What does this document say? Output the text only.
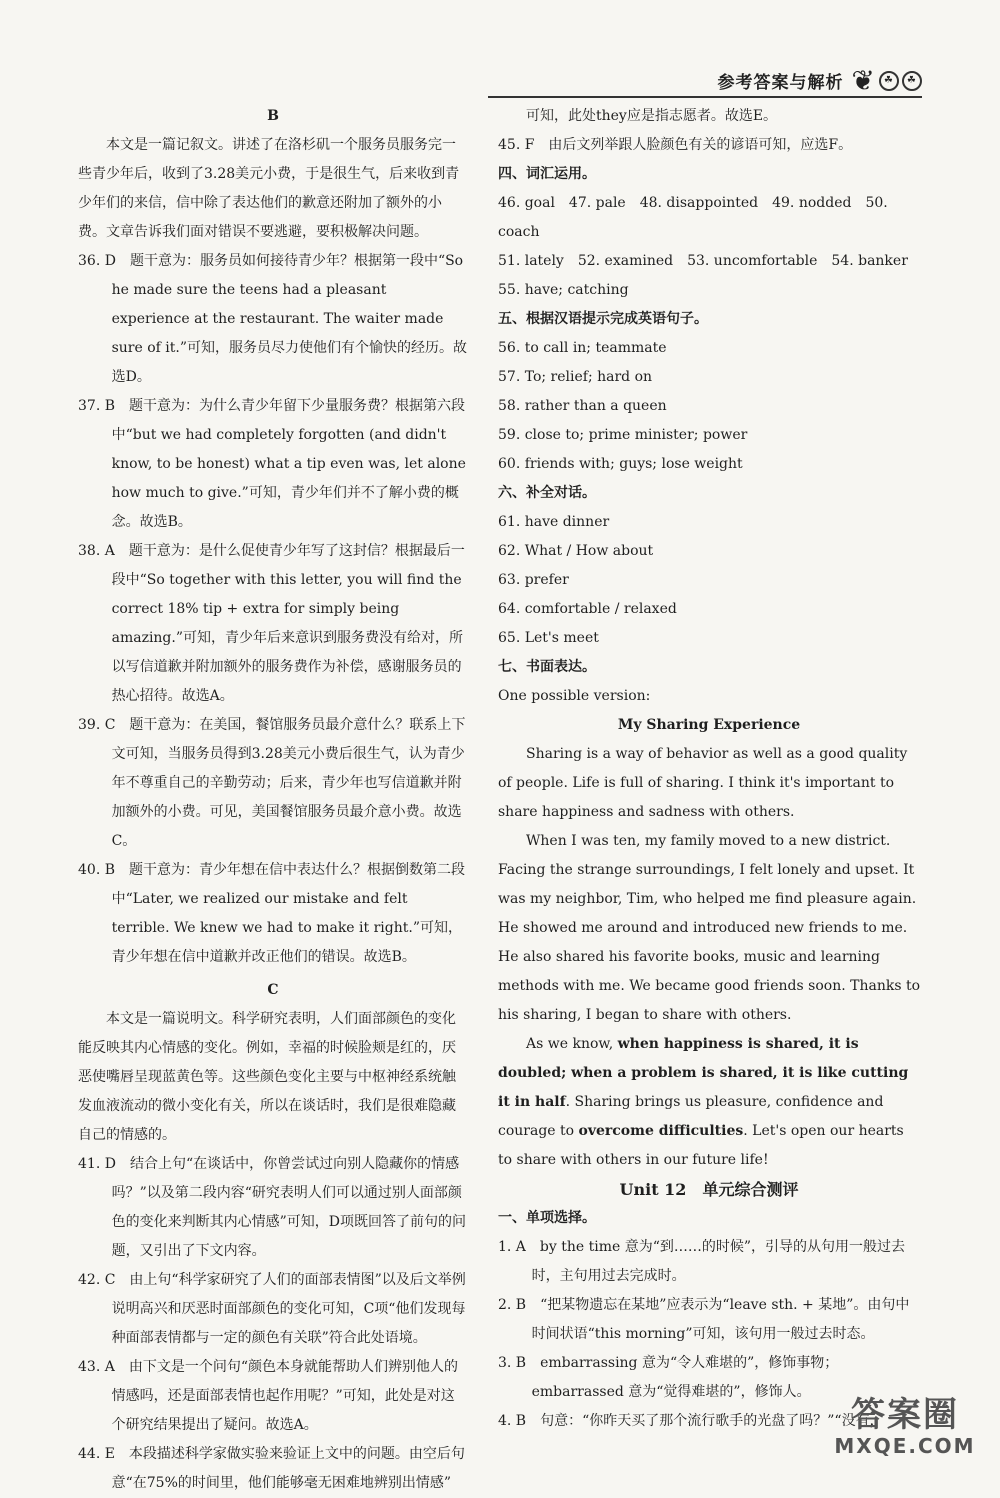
参考答案与解析 ❦ ☘	☘

B

本文是一篇记叙文。讲述了在洛杉矶一个服务员服务完一些青少年后，收到了3.28美元小费，于是很生气，后来收到青少年们的来信，信中除了表达他们的歉意还附加了额外的小费。文章告诉我们面对错误不要逃避，要积极解决问题。

36. D　题干意为：服务员如何接待青少年？根据第一段中“So he made sure the teens had a pleasant experience at the restaurant. The waiter made sure of it.”可知，服务员尽力使他们有个愉快的经历。故选D。

37. B　题干意为：为什么青少年留下少量服务费？根据第六段中“but we had completely forgotten (and didn't know, to be honest) what a tip even was, let alone how much to give.”可知，青少年们并不了解小费的概念。故选B。

38. A　题干意为：是什么促使青少年写了这封信？根据最后一段中“So together with this letter, you will find the correct 18% tip + extra for simply being amazing.”可知，青少年后来意识到服务费没有给对，所以写信道歉并附加额外的服务费作为补偿，感谢服务员的热心招待。故选A。

39. C　题干意为：在美国，餐馆服务员最介意什么？联系上下文可知，当服务员得到3.28美元小费后很生气，认为青少年不尊重自己的辛勤劳动；后来，青少年也写信道歉并附加额外的小费。可见，美国餐馆服务员最介意小费。故选C。

40. B　题干意为：青少年想在信中表达什么？根据倒数第二段中“Later, we realized our mistake and felt terrible. We knew we had to make it right.”可知，青少年想在信中道歉并改正他们的错误。故选B。

C

本文是一篇说明文。科学研究表明，人们面部颜色的变化能反映其内心情感的变化。例如，幸福的时候脸颊是红的，厌恶使嘴唇呈现蓝黄色等。这些颜色变化主要与中枢神经系统触发血液流动的微小变化有关，所以在谈话时，我们是很难隐藏自己的情感的。

41. D　结合上句“在谈话中，你曾尝试过向别人隐藏你的情感吗？”以及第二段内容“研究表明人们可以通过别人面部颜色的变化来判断其内心情感”可知，D项既回答了前句的问题，又引出了下文内容。

42. C　由上句“科学家研究了人们的面部表情图”以及后文举例说明高兴和厌恶时面部颜色的变化可知，C项“他们发现每种面部表情都与一定的颜色有关联”符合此处语境。

43. A　由下文是一个问句“颜色本身就能帮助人们辨别他人的情感吗，还是面部表情也起作用呢？”可知，此处是对这个研究结果提出了疑问。故选A。

44. E　本段描述科学家做实验来验证上文中的问题。由空后句意“在75%的时间里，他们能够毫无困难地辨别出情感”

可知，此处they应是指志愿者。故选E。

45. F　由后文列举跟人脸颜色有关的谚语可知，应选F。

四、词汇运用。

46. goal　47. pale　48. disappointed　49. nodded　50. coach

51. lately　52. examined　53. uncomfortable　54. banker

55. have; catching

五、根据汉语提示完成英语句子。

56. to call in; teammate

57. To; relief; hard on

58. rather than a queen

59. close to; prime minister; power

60. friends with; guys; lose weight

六、补全对话。

61. have dinner

62. What / How about

63. prefer

64. comfortable / relaxed

65. Let's meet

七、书面表达。

One possible version:

My Sharing Experience

Sharing is a way of behavior as well as a good quality of people. Life is full of sharing. I think it's important to share happiness and sadness with others.

When I was ten, my family moved to a new district. Facing the strange surroundings, I felt lonely and upset. It was my neighbor, Tim, who helped me find pleasure again. He showed me around and introduced new friends to me. He also shared his favorite books, music and learning methods with me. We became good friends soon. Thanks to his sharing, I began to share with others.

As we know, when happiness is shared, it is doubled; when a problem is shared, it is like cutting it in half. Sharing brings us pleasure, confidence and courage to overcome difficulties. Let's open our hearts to share with others in our future life!

Unit 12　单元综合测评

一、单项选择。

1. A　by the time 意为“到……的时候”，引导的从句用一般过去时，主句用过去完成时。

2. B　“把某物遗忘在某地”应表示为“leave sth. + 某地”。由句中时间状语“this morning”可知，该句用一般过去时态。

3. B　embarrassing 意为“令人难堪的”，修饰事物；embarrassed 意为“觉得难堪的”，修饰人。

4. B　句意：“你昨天买了那个流行歌手的光盘了吗？”“没有，

答案圈
MXQE.COM
